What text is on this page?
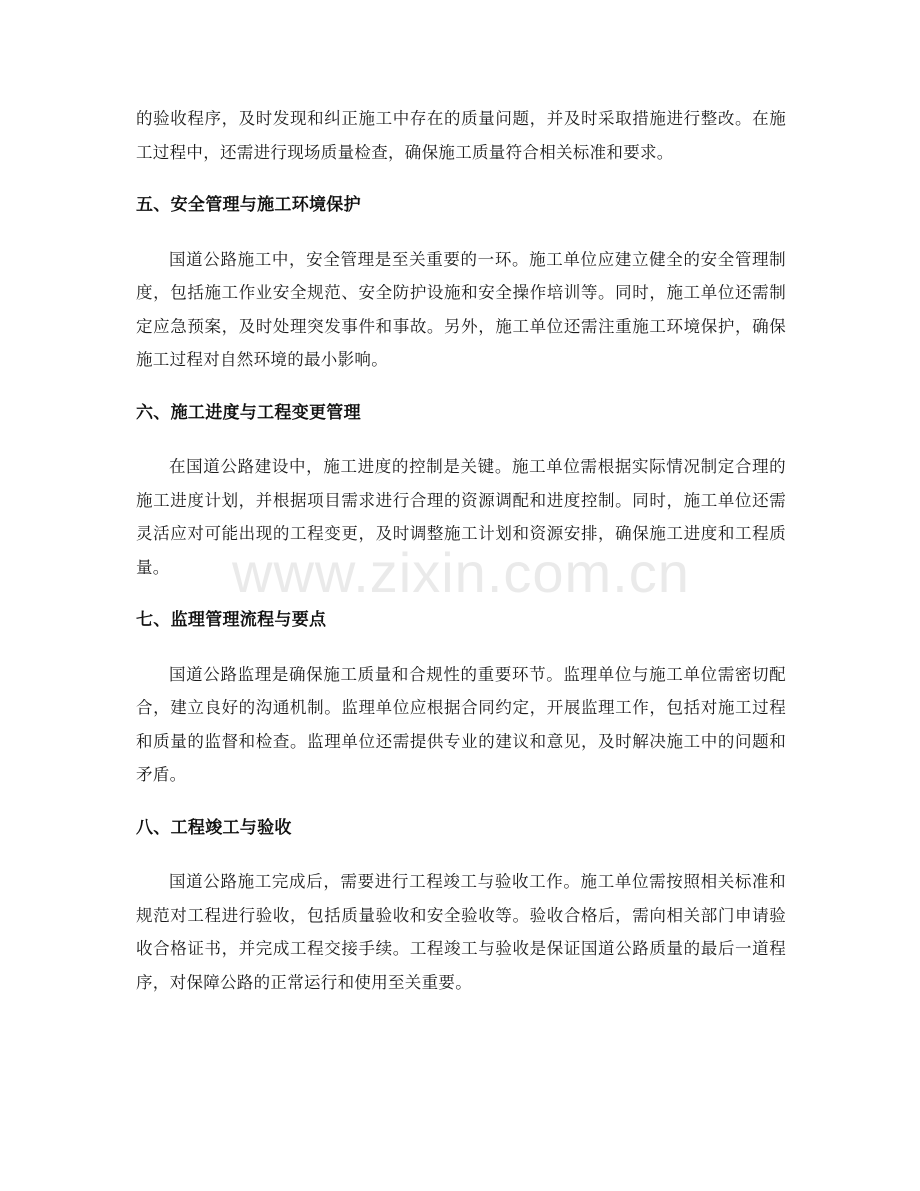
的验收程序，及时发现和纠正施工中存在的质量问题，并及时采取措施进行整改。在施工过程中，还需进行现场质量检查，确保施工质量符合相关标准和要求。

五、安全管理与施工环境保护

国道公路施工中，安全管理是至关重要的一环。施工单位应建立健全的安全管理制度，包括施工作业安全规范、安全防护设施和安全操作培训等。同时，施工单位还需制定应急预案，及时处理突发事件和事故。另外，施工单位还需注重施工环境保护，确保施工过程对自然环境的最小影响。

六、施工进度与工程变更管理

在国道公路建设中，施工进度的控制是关键。施工单位需根据实际情况制定合理的施工进度计划，并根据项目需求进行合理的资源调配和进度控制。同时，施工单位还需灵活应对可能出现的工程变更，及时调整施工计划和资源安排，确保施工进度和工程质量。

七、监理管理流程与要点

国道公路监理是确保施工质量和合规性的重要环节。监理单位与施工单位需密切配合，建立良好的沟通机制。监理单位应根据合同约定，开展监理工作，包括对施工过程和质量的监督和检查。监理单位还需提供专业的建议和意见，及时解决施工中的问题和矛盾。

八、工程竣工与验收

国道公路施工完成后，需要进行工程竣工与验收工作。施工单位需按照相关标准和规范对工程进行验收，包括质量验收和安全验收等。验收合格后，需向相关部门申请验收合格证书，并完成工程交接手续。工程竣工与验收是保证国道公路质量的最后一道程序，对保障公路的正常运行和使用至关重要。

www.zixin.com.cn
